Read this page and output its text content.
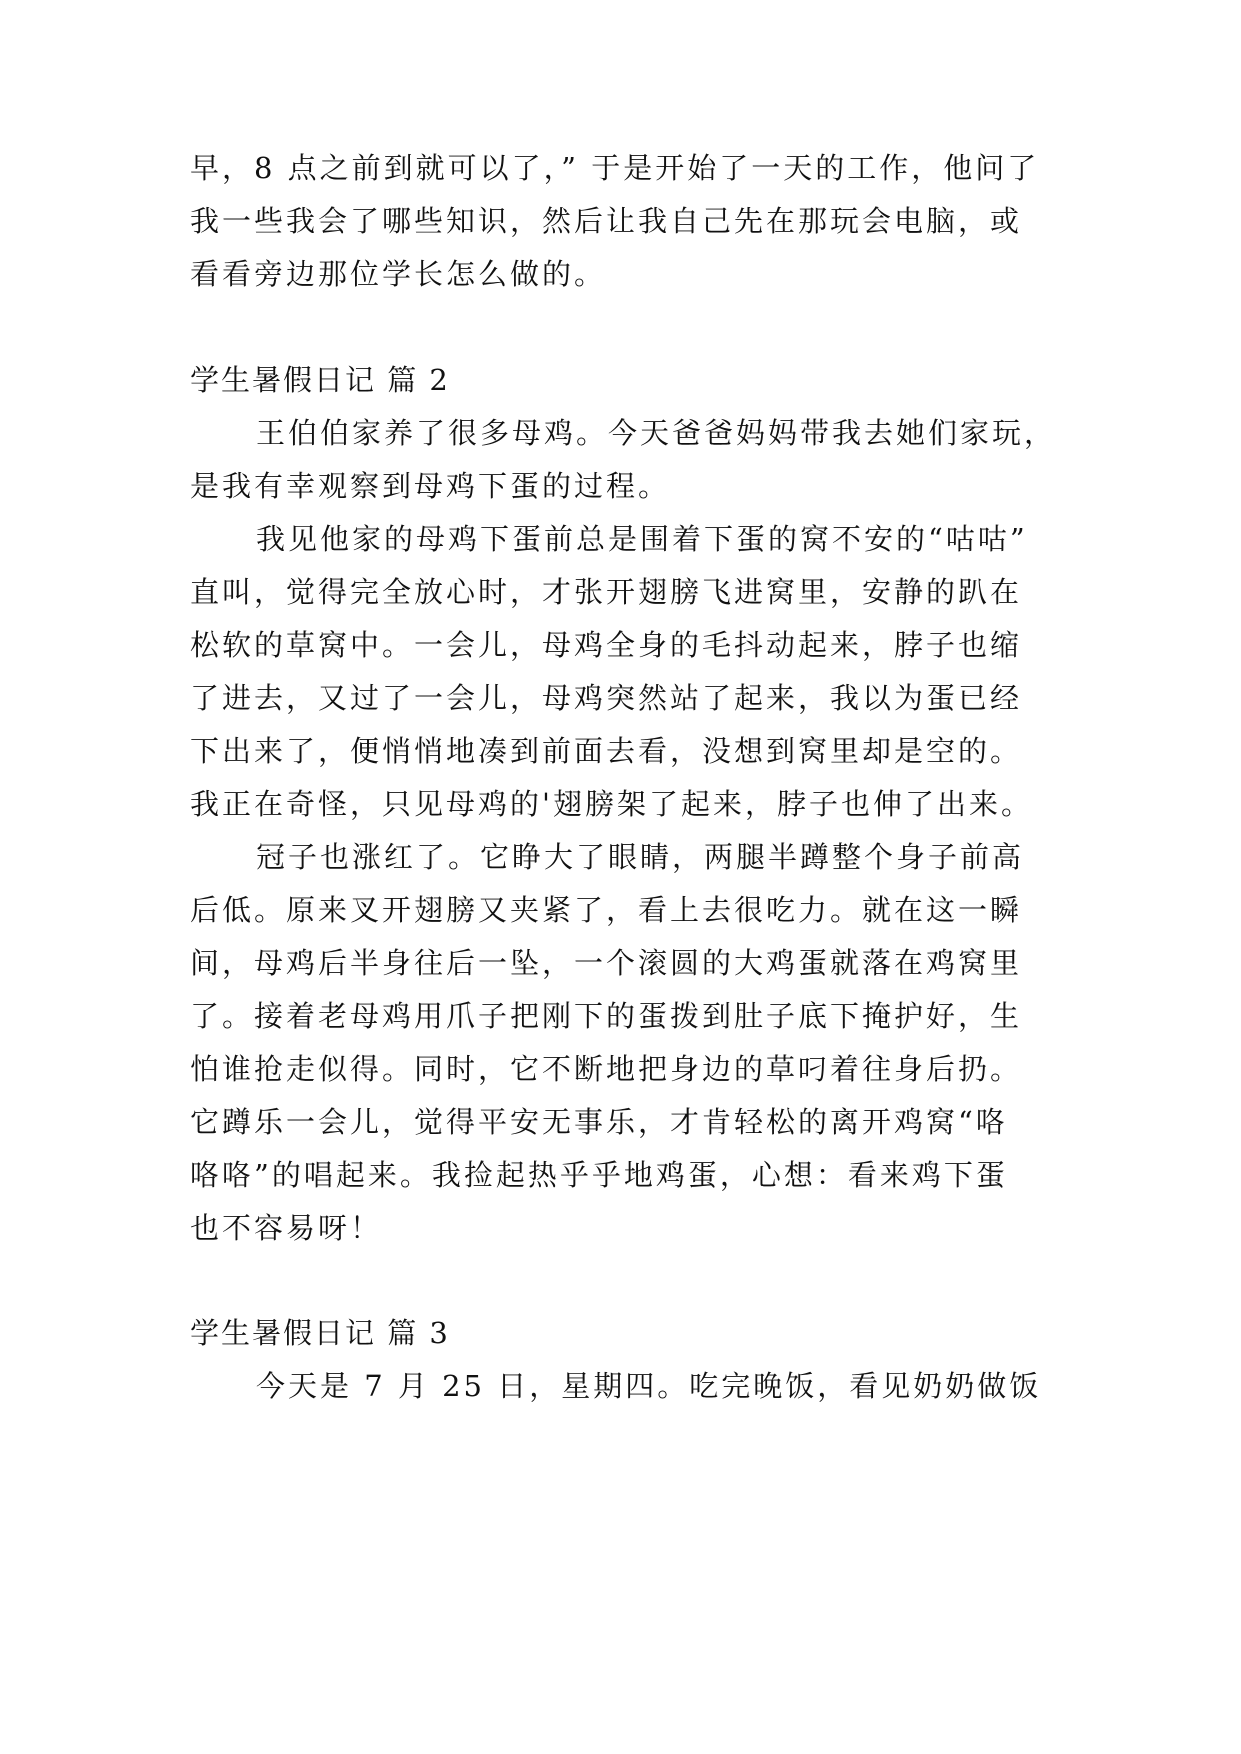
早，8 点之前到就可以了，” 于是开始了一天的工作，他问了
我一些我会了哪些知识，然后让我自己先在那玩会电脑，或
看看旁边那位学长怎么做的。
学生暑假日记 篇 2
王伯伯家养了很多母鸡。今天爸爸妈妈带我去她们家玩，
是我有幸观察到母鸡下蛋的过程。
我见他家的母鸡下蛋前总是围着下蛋的窝不安的“咕咕”
直叫，觉得完全放心时，才张开翅膀飞进窝里，安静的趴在
松软的草窝中。一会儿，母鸡全身的毛抖动起来，脖子也缩
了进去，又过了一会儿，母鸡突然站了起来，我以为蛋已经
下出来了，便悄悄地凑到前面去看，没想到窝里却是空的。
我正在奇怪，只见母鸡的'翅膀架了起来，脖子也伸了出来。
冠子也涨红了。它睁大了眼睛，两腿半蹲整个身子前高
后低。原来叉开翅膀又夹紧了，看上去很吃力。就在这一瞬
间，母鸡后半身往后一坠，一个滚圆的大鸡蛋就落在鸡窝里
了。接着老母鸡用爪子把刚下的蛋拨到肚子底下掩护好，生
怕谁抢走似得。同时，它不断地把身边的草叼着往身后扔。
它蹲乐一会儿，觉得平安无事乐，才肯轻松的离开鸡窝“咯
咯咯”的唱起来。我捡起热乎乎地鸡蛋，心想：看来鸡下蛋
也不容易呀！
学生暑假日记 篇 3
今天是 7 月 25 日，星期四。吃完晚饭，看见奶奶做饭
